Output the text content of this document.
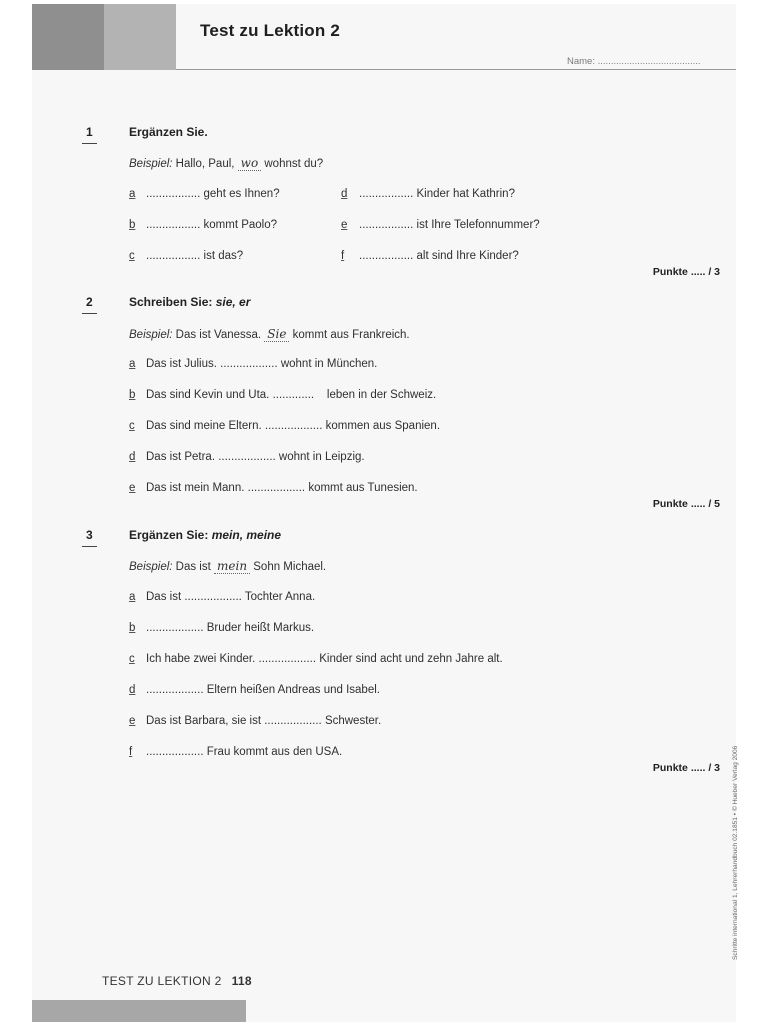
Test zu Lektion 2
Name: .......................................
1	Ergänzen Sie.
Beispiel: Hallo, Paul, wo wohnst du?
a ................. geht es Ihnen?
b ................. kommt Paolo?
c ................. ist das?
d ................. Kinder hat Kathrin?
e ................. ist Ihre Telefonnummer?
f ................. alt sind Ihre Kinder?
Punkte ..... / 3
2	Schreiben Sie: sie, er
Beispiel: Das ist Vanessa. Sie kommt aus Frankreich.
a Das ist Julius. .................. wohnt in München.
b Das sind Kevin und Uta. .............    leben in der Schweiz.
c Das sind meine Eltern. .................. kommen aus Spanien.
d Das ist Petra. .................. wohnt in Leipzig.
e Das ist mein Mann. .................. kommt aus Tunesien.
Punkte ..... / 5
3	Ergänzen Sie: mein, meine
Beispiel: Das ist mein Sohn Michael.
a Das ist .................. Tochter Anna.
b .................. Bruder heißt Markus.
c Ich habe zwei Kinder. .................. Kinder sind acht und zehn Jahre alt.
d .................. Eltern heißen Andreas und Isabel.
e Das ist Barbara, sie ist .................. Schwester.
f .................. Frau kommt aus den USA.
Punkte ..... / 3 Schritte international 1, Lehrerhandbuch 02.1851 • © Hueber Verlag 2006
TEST ZU LEKTION 2 118
